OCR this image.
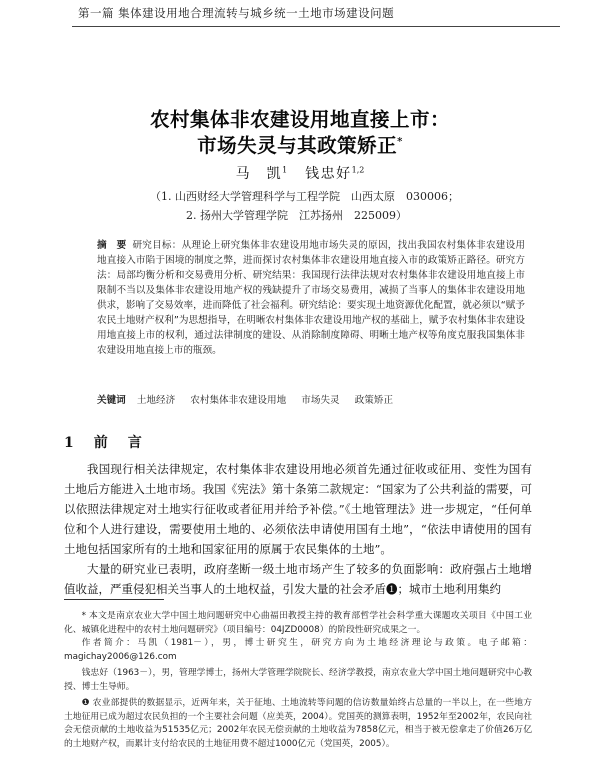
第一篇 集体建设用地合理流转与城乡统一土地市场建设问题
农村集体非农建设用地直接上市：
市场失灵与其政策矫正*
马　凯$^1$ 钱忠好$^{1,2}$
（1. 山西财经大学管理科学与工程学院　山西太原　030006；
2. 扬州大学管理学院　江苏扬州　225009）
摘　要 研究目标：从理论上研究集体非农建设用地市场失灵的原因，找出我国农村集体非农建设用地直接入市陷于困境的制度之弊，进而探讨农村集体非农建设用地直接入市的政策矫正路径。研究方法：局部均衡分析和交易费用分析、研究结果：我国现行法律法规对农村集体非农建设用地直接上市限制不当以及集体非农建设用地产权的残缺提升了市场交易费用，减损了当事人的集体非农建设用地供求，影响了交易效率，进而降低了社会福利。研究结论：要实现土地资源优化配置，就必须以“赋予农民土地财产权利”为思想指导，在明晰农村集体非农建设用地产权的基础上，赋予农村集体非农建设用地直接上市的权利，通过法律制度的建设、从消除制度障碍、明晰土地产权等角度克服我国集体非农建设用地直接上市的瓶颈。
关键词 土地经济 农村集体非农建设用地 市场失灵 政策矫正
1　前　言

我国现行相关法律规定，农村集体非农建设用地必须首先通过征收或征用、变性为国有土地后方能进入土地市场。我国《宪法》第十条第二款规定：“国家为了公共利益的需要，可以依照法律规定对土地实行征收或者征用并给予补偿。”《土地管理法》进一步规定，“任何单位和个人进行建设，需要使用土地的、必须依法申请使用国有土地”，“依法申请使用的国有土地包括国家所有的土地和国家征用的原属于农民集体的土地”。

大量的研究业已表明，政府垄断一级土地市场产生了较多的负面影响：政府强占土地增值收益，严重侵犯相关当事人的土地权益，引发大量的社会矛盾❶；城市土地利用集约

* 本文是南京农业大学中国土地问题研究中心曲福田教授主持的教育部哲学社会科学重大课题攻关项目《中国工业化、城镇化进程中的农村土地问题研究》（项目编号：04JZD0008）的阶段性研究成果之一。

作者简介：马凯（1981－），男，博士研究生，研究方向为土地经济理论与政策。电子邮箱：magichay2006@126.com

钱忠好（1963－），男，管理学博士，扬州大学管理学院院长、经济学教授，南京农业大学中国土地问题研究中心教授、博士生导师。

❶ 农业部提供的数据显示，近两年来，关于征地、土地流转等问题的信访数量始终占总量的一半以上，在一些地方土地征用已成为超过农民负担的一个主要社会问题（应美英，2004）。党国英的测算表明，1952年至2002年，农民向社会无偿贡献的土地收益为51535亿元；2002年农民无偿贡献的土地收益为7858亿元，相当于被无偿拿走了价值26万亿的土地财产权，而累计支付给农民的土地征用费不超过1000亿元（党国英，2005）。
